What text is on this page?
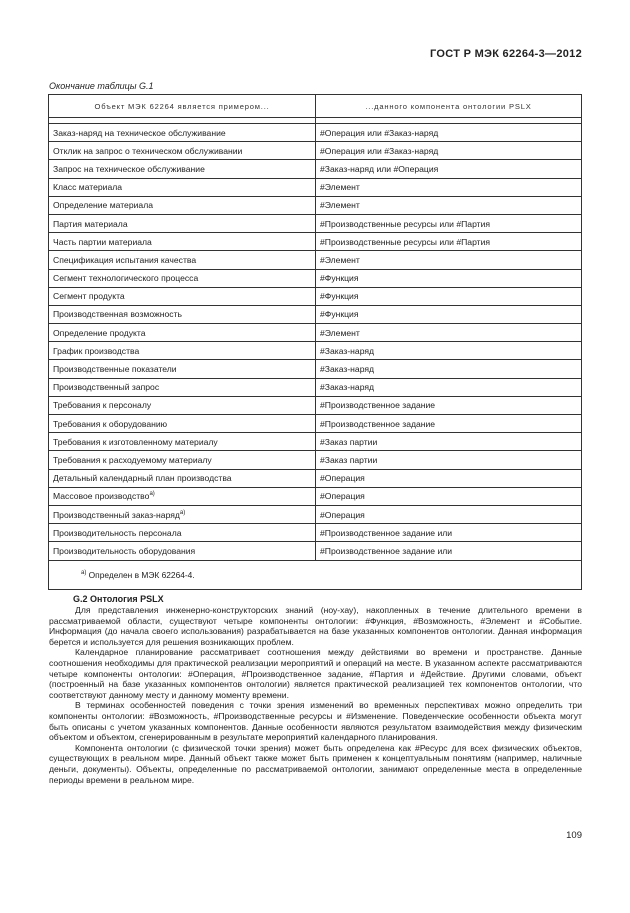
ГОСТ Р МЭК 62264-3—2012
Окончание таблицы G.1
Объект МЭК 62264 является примером...	...данного компонента онтологии PSLX

Заказ-наряд на техническое обслуживание	#Операция или #Заказ-наряд
Отклик на запрос о техническом обслуживании	#Операция или #Заказ-наряд
Запрос на техническое обслуживание	#Заказ-наряд или #Операция
Класс материала	#Элемент
Определение материала	#Элемент
Партия материала	#Производственные ресурсы или #Партия
Часть партии материала	#Производственные ресурсы или #Партия
Спецификация испытания качества	#Элемент
Сегмент технологического процесса	#Функция
Сегмент продукта	#Функция
Производственная возможность	#Функция
Определение продукта	#Элемент
График производства	#Заказ-наряд
Производственные показатели	#Заказ-наряд
Производственный запрос	#Заказ-наряд
Требования к персоналу	#Производственное задание
Требования к оборудованию	#Производственное задание
Требования к изготовленному материалу	#Заказ партии
Требования к расходуемому материалу	#Заказ партии
Детальный календарный план производства	#Операция
Массовое производство$^{a)}$	#Операция
Производственный заказ-наряд$^{a)}$	#Операция
Производительность персонала	#Производственное задание или
Производительность оборудования	#Производственное задание или
$^{a)}$ Определен в МЭК 62264-4.	
G.2 Онтология PSLX

Для представления инженерно-конструкторских знаний (ноу-хау), накопленных в течение длительного времени в рассматриваемой области, существуют четыре компоненты онтологии: #Функция, #Возможность, #Элемент и #Событие. Информация (до начала своего использования) разрабатывается на базе указанных компонентов онтологии. Данная информация берется и используется для решения возникающих проблем.

Календарное планирование рассматривает соотношения между действиями во времени и пространстве. Данные соотношения необходимы для практической реализации мероприятий и операций на месте. В указанном аспекте рассматриваются четыре компоненты онтологии: #Операция, #Производственное задание, #Партия и #Действие. Другими словами, объект (построенный на базе указанных компонентов онтологии) является практической реализацией тех компонентов онтологии, что соответствуют данному месту и данному моменту времени.

В терминах особенностей поведения с точки зрения изменений во временных перспективах можно определить три компоненты онтологии: #Возможность, #Производственные ресурсы и #Изменение. Поведенческие особенности объекта могут быть описаны с учетом указанных компонентов. Данные особенности являются результатом взаимодействия между физическим объектом и объектом, сгенерированным в результате мероприятий календарного планирования.

Компонента онтологии (с физической точки зрения) может быть определена как #Ресурс для всех физических объектов, существующих в реальном мире. Данный объект также может быть применен к концептуальным понятиям (например, наличные деньги, документы). Объекты, определенные по рассматриваемой онтологии, занимают определенные места в определенные периоды времени в реальном мире.

109
